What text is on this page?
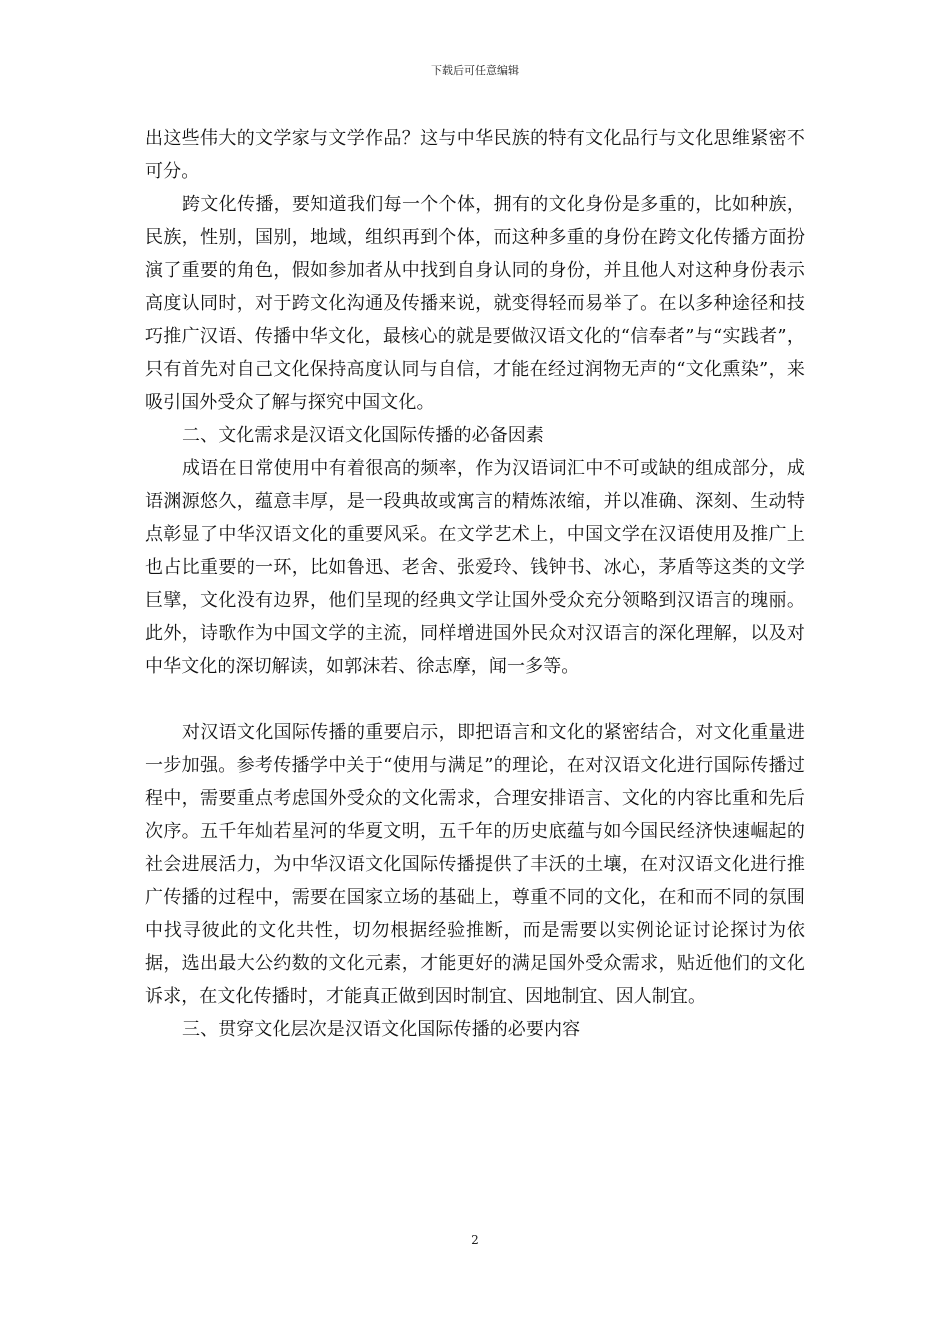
下载后可任意编辑

出这些伟大的文学家与文学作品？这与中华民族的特有文化品行与文化思维紧密不可分。

跨文化传播，要知道我们每一个个体，拥有的文化身份是多重的，比如种族，民族，性别，国别，地域，组织再到个体，而这种多重的身份在跨文化传播方面扮演了重要的角色，假如参加者从中找到自身认同的身份，并且他人对这种身份表示高度认同时，对于跨文化沟通及传播来说，就变得轻而易举了。在以多种途径和技巧推广汉语、传播中华文化，最核心的就是要做汉语文化的“信奉者”与“实践者”，只有首先对自己文化保持高度认同与自信，才能在经过润物无声的“文化熏染”，来吸引国外受众了解与探究中国文化。

二、文化需求是汉语文化国际传播的必备因素

成语在日常使用中有着很高的频率，作为汉语词汇中不可或缺的组成部分，成语渊源悠久，蕴意丰厚，是一段典故或寓言的精炼浓缩，并以准确、深刻、生动特点彰显了中华汉语文化的重要风采。在文学艺术上，中国文学在汉语使用及推广上也占比重要的一环，比如鲁迅、老舍、张爱玲、钱钟书、冰心，茅盾等这类的文学巨擘，文化没有边界，他们呈现的经典文学让国外受众充分领略到汉语言的瑰丽。此外，诗歌作为中国文学的主流，同样增进国外民众对汉语言的深化理解，以及对中华文化的深切解读，如郭沫若、徐志摩，闻一多等。

对汉语文化国际传播的重要启示，即把语言和文化的紧密结合，对文化重量进一步加强。参考传播学中关于“使用与满足”的理论，在对汉语文化进行国际传播过程中，需要重点考虑国外受众的文化需求，合理安排语言、文化的内容比重和先后次序。五千年灿若星河的华夏文明，五千年的历史底蕴与如今国民经济快速崛起的社会进展活力，为中华汉语文化国际传播提供了丰沃的土壤，在对汉语文化进行推广传播的过程中，需要在国家立场的基础上，尊重不同的文化，在和而不同的氛围中找寻彼此的文化共性，切勿根据经验推断，而是需要以实例论证讨论探讨为依据，选出最大公约数的文化元素，才能更好的满足国外受众需求，贴近他们的文化诉求，在文化传播时，才能真正做到因时制宜、因地制宜、因人制宜。

三、贯穿文化层次是汉语文化国际传播的必要内容

2
